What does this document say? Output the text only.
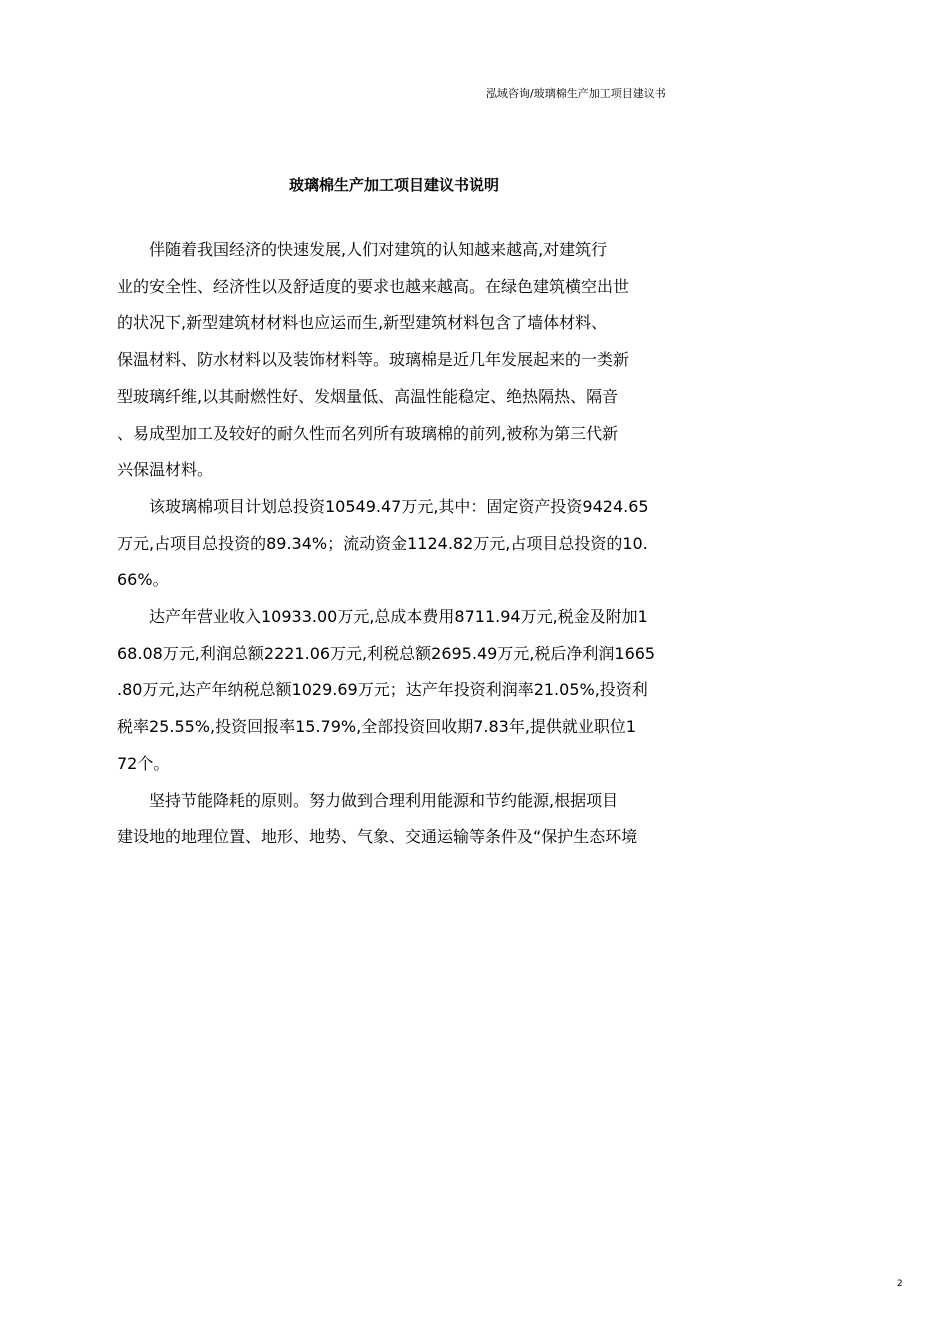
泓域咨询/玻璃棉生产加工项目建议书
玻璃棉生产加工项目建议书说明
伴随着我国经济的快速发展,人们对建筑的认知越来越高,对建筑行
业的安全性、经济性以及舒适度的要求也越来越高。在绿色建筑横空出世
的状况下,新型建筑材材料也应运而生,新型建筑材料包含了墙体材料、
保温材料、防水材料以及装饰材料等。玻璃棉是近几年发展起来的一类新
型玻璃纤维,以其耐燃性好、发烟量低、高温性能稳定、绝热隔热、隔音
、易成型加工及较好的耐久性而名列所有玻璃棉的前列,被称为第三代新
兴保温材料。
该玻璃棉项目计划总投资10549.47万元,其中：固定资产投资9424.65
万元,占项目总投资的89.34%；流动资金1124.82万元,占项目总投资的10.
66%。
达产年营业收入10933.00万元,总成本费用8711.94万元,税金及附加1
68.08万元,利润总额2221.06万元,利税总额2695.49万元,税后净利润1665
.80万元,达产年纳税总额1029.69万元；达产年投资利润率21.05%,投资利
税率25.55%,投资回报率15.79%,全部投资回收期7.83年,提供就业职位1
72个。
坚持节能降耗的原则。努力做到合理利用能源和节约能源,根据项目
建设地的地理位置、地形、地势、气象、交通运输等条件及“保护生态环境
2
